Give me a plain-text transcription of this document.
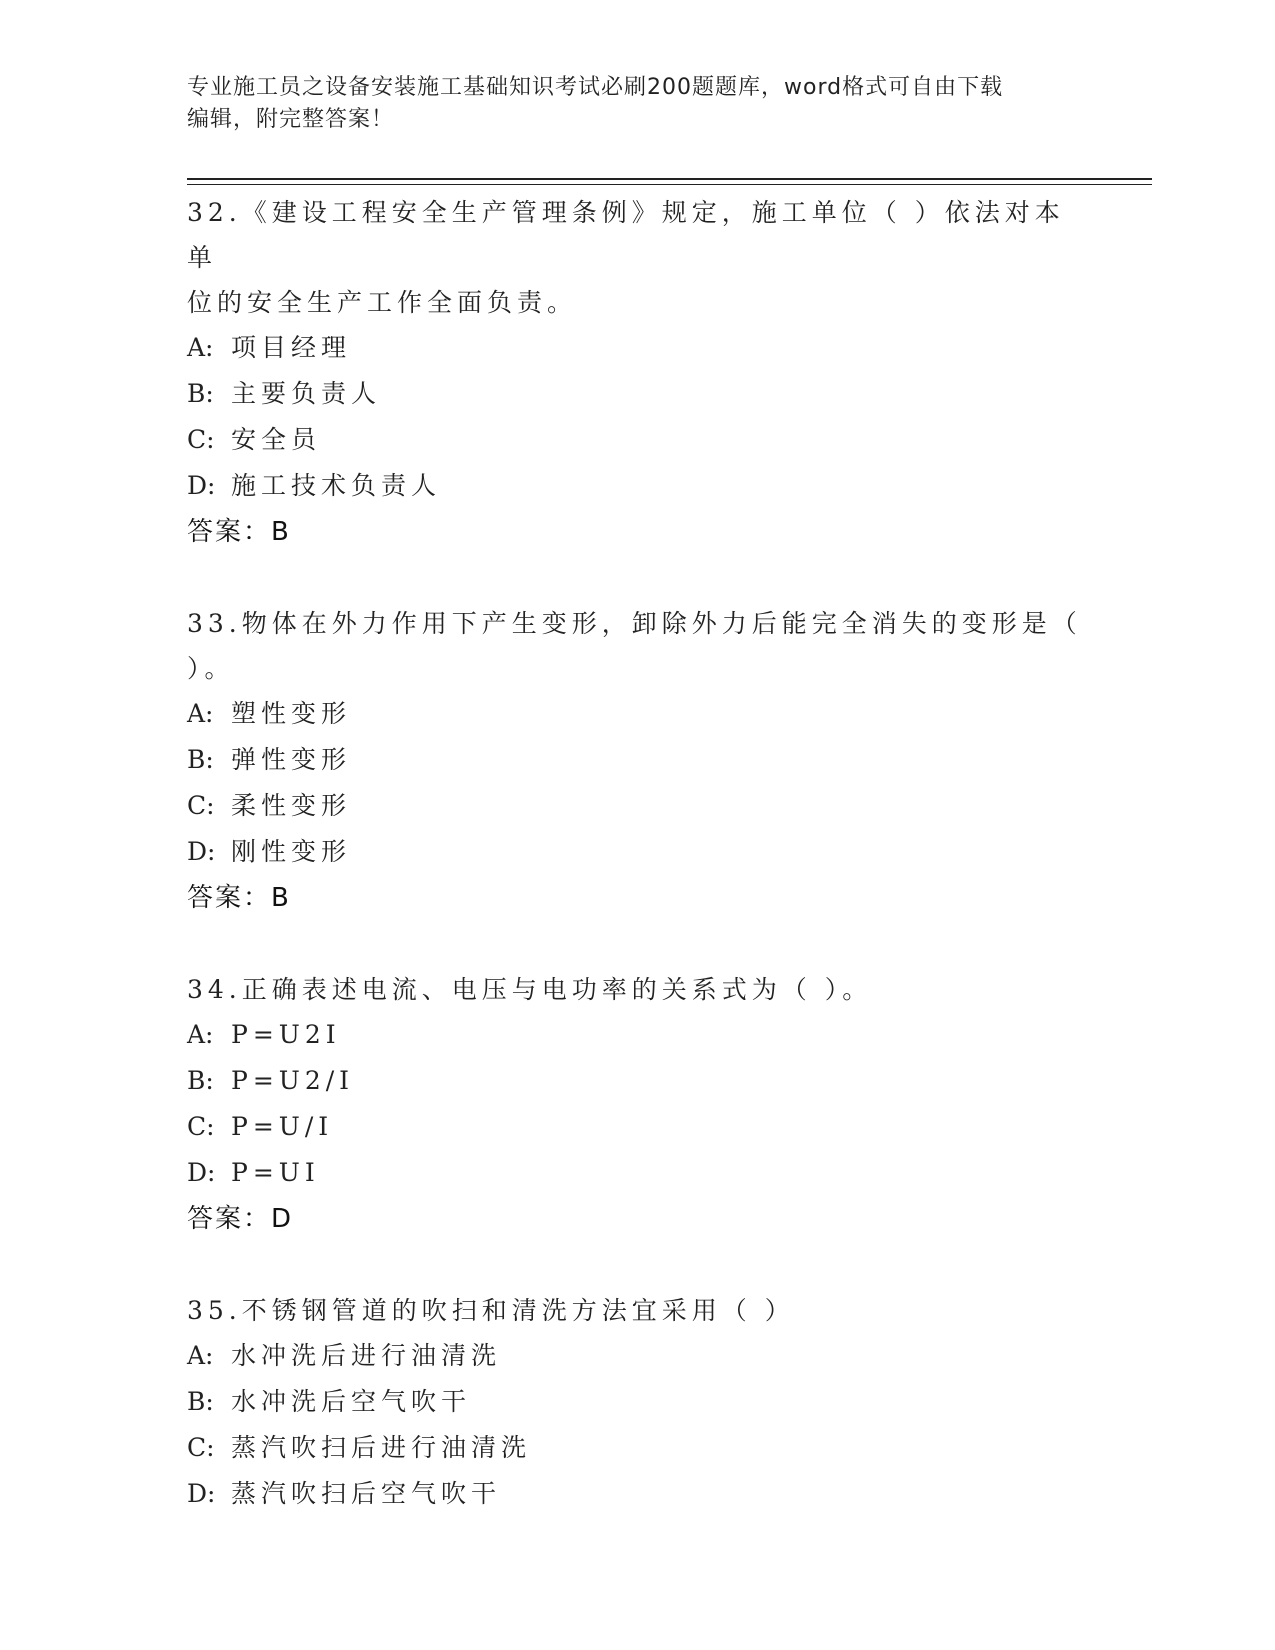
专业施工员之设备安装施工基础知识考试必刷200题题库，word格式可自由下载
编辑，附完整答案！
32.《建设工程安全生产管理条例》规定，施工单位（ ）依法对本单
位的安全生产工作全面负责。
A: 项目经理
B: 主要负责人
C: 安全员
D: 施工技术负责人
答案：B
33.物体在外力作用下产生变形，卸除外力后能完全消失的变形是（
）。
A: 塑性变形
B: 弹性变形
C: 柔性变形
D: 刚性变形
答案：B
34.正确表述电流、电压与电功率的关系式为（ ）。
A: P=U2I
B: P=U2/I
C: P=U/I
D: P=UI
答案：D
35.不锈钢管道的吹扫和清洗方法宜采用（ ）
A: 水冲洗后进行油清洗
B: 水冲洗后空气吹干
C: 蒸汽吹扫后进行油清洗
D: 蒸汽吹扫后空气吹干
